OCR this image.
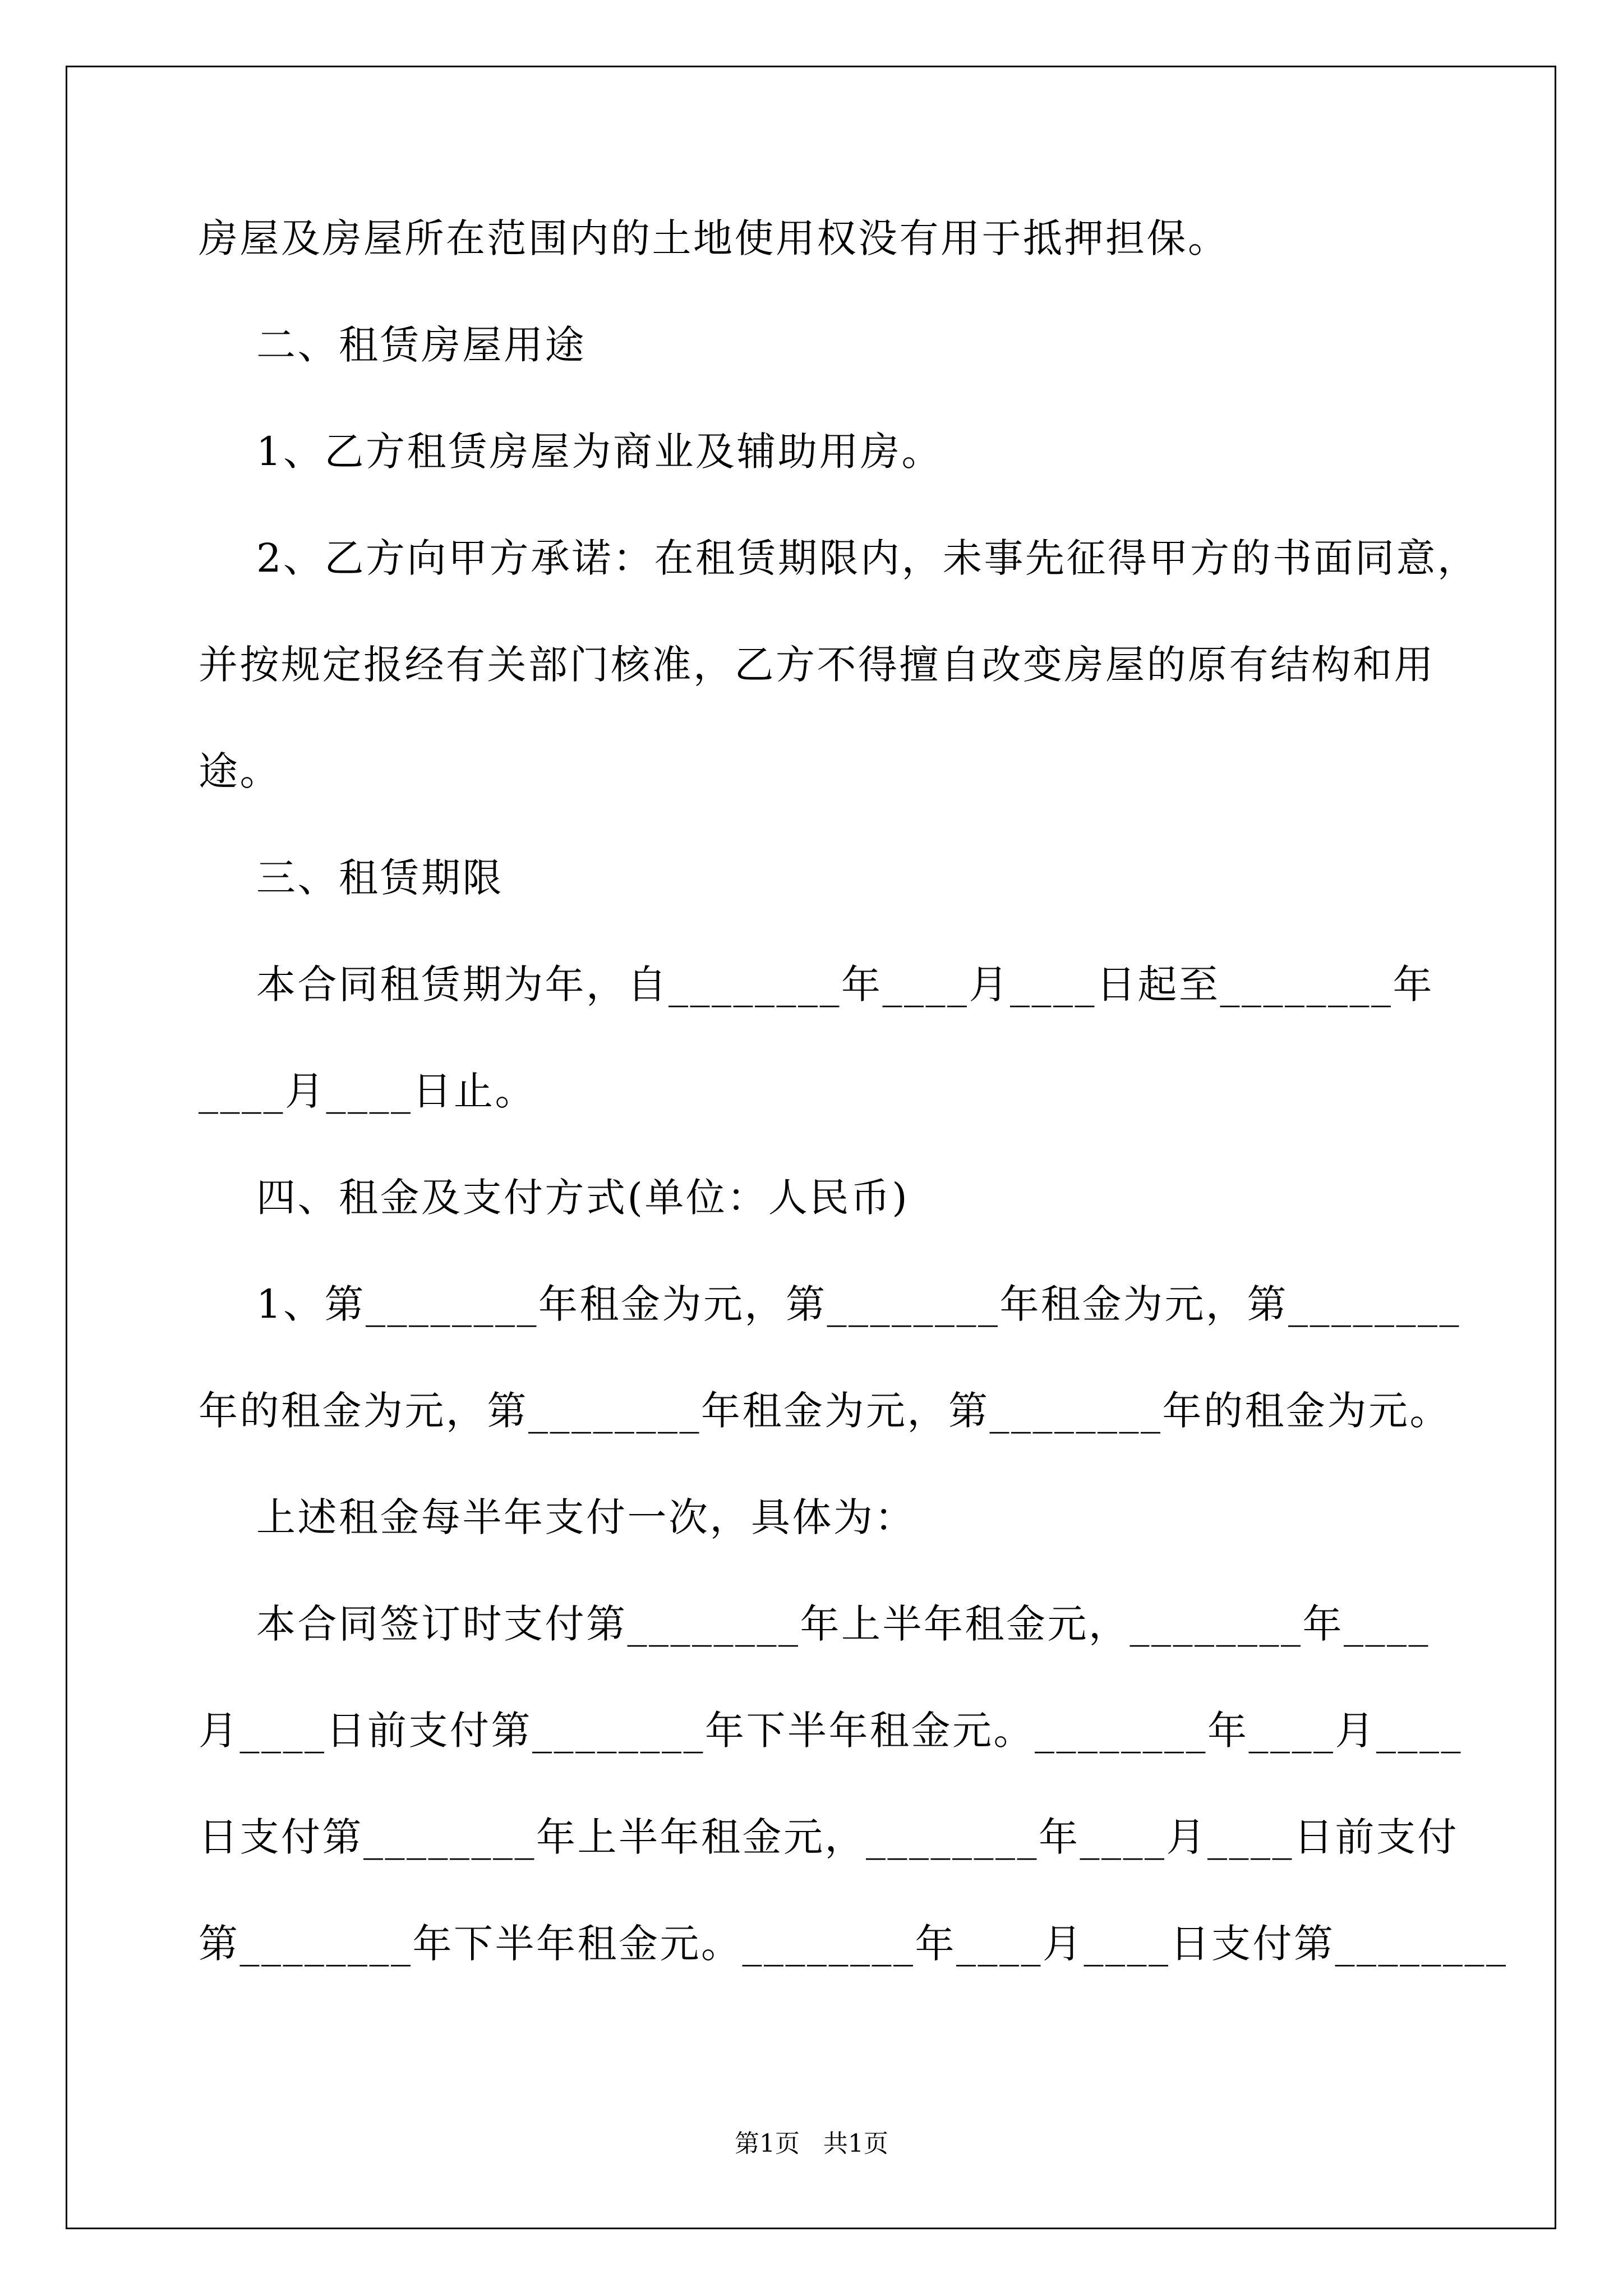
房屋及房屋所在范围内的土地使用权没有用于抵押担保。
二、租赁房屋用途
1、乙方租赁房屋为商业及辅助用房。
2、乙方向甲方承诺：在租赁期限内，未事先征得甲方的书面同意，
并按规定报经有关部门核准，乙方不得擅自改变房屋的原有结构和用
途。
三、租赁期限
本合同租赁期为年，自________年____月____日起至________年
____月____日止。
四、租金及支付方式(单位：人民币)
1、第________年租金为元，第________年租金为元，第________
年的租金为元，第________年租金为元，第________年的租金为元。
上述租金每半年支付一次，具体为：
本合同签订时支付第________年上半年租金元，________年____
月____日前支付第________年下半年租金元。________年____月____
日支付第________年上半年租金元，________年____月____日前支付
第________年下半年租金元。________年____月____日支付第________
第1页   共1页
